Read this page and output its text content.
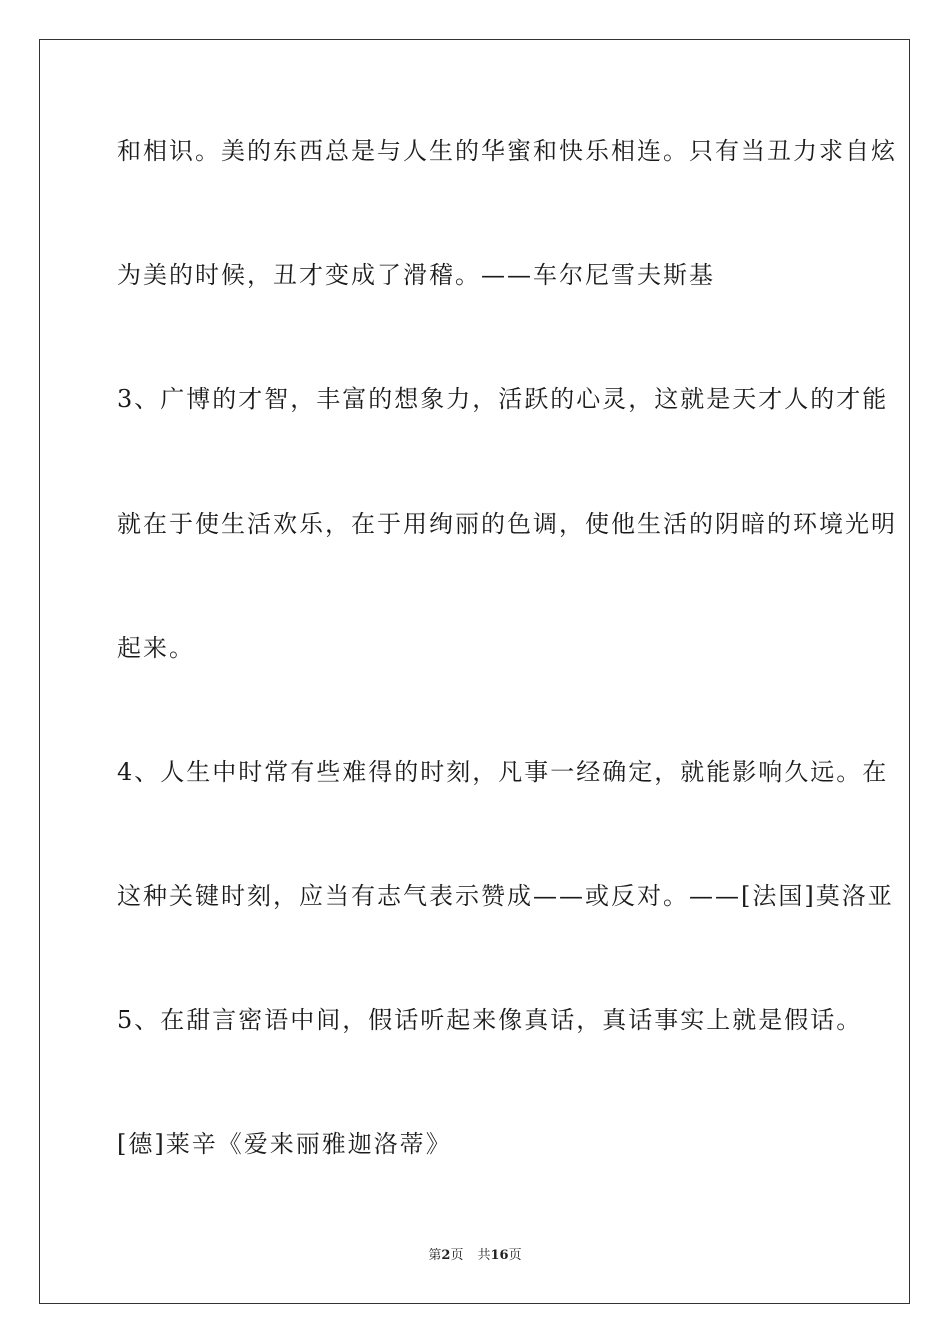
和相识。美的东西总是与人生的华蜜和快乐相连。只有当丑力求自炫
为美的时候，丑才变成了滑稽。——车尔尼雪夫斯基
3、广博的才智，丰富的想象力，活跃的心灵，这就是天才人的才能
就在于使生活欢乐，在于用绚丽的色调，使他生活的阴暗的环境光明
起来。
4、人生中时常有些难得的时刻，凡事一经确定，就能影响久远。在
这种关键时刻，应当有志气表示赞成——或反对。——[法国]莫洛亚
5、在甜言密语中间，假话听起来像真话，真话事实上就是假话。
[德]莱辛《爱来丽雅迦洛蒂》
第2页 共16页
